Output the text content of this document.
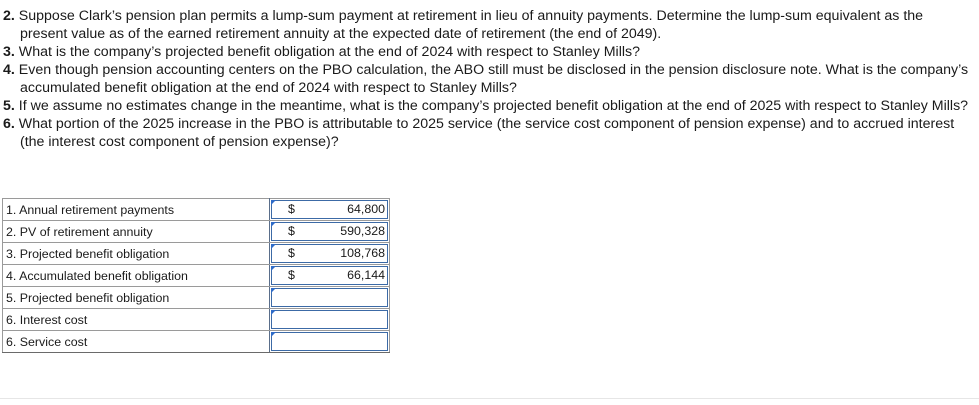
2. Suppose Clark’s pension plan permits a lump-sum payment at retirement in lieu of annuity payments. Determine the lump-sum equivalent as the present value as of the earned retirement annuity at the expected date of retirement (the end of 2049).
3. What is the company’s projected benefit obligation at the end of 2024 with respect to Stanley Mills?
4. Even though pension accounting centers on the PBO calculation, the ABO still must be disclosed in the pension disclosure note. What is the company’s accumulated benefit obligation at the end of 2024 with respect to Stanley Mills?
5. If we assume no estimates change in the meantime, what is the company’s projected benefit obligation at the end of 2025 with respect to Stanley Mills?
6. What portion of the 2025 increase in the PBO is attributable to 2025 service (the service cost component of pension expense) and to accrued interest (the interest cost component of pension expense)?
1. Annual retirement payments	$ 64,800

2. PV of retirement annuity	$ 590,328

3. Projected benefit obligation	$ 108,768

4. Accumulated benefit obligation	$ 66,144

5. Projected benefit obligation	

6. Interest cost	

6. Service cost	
